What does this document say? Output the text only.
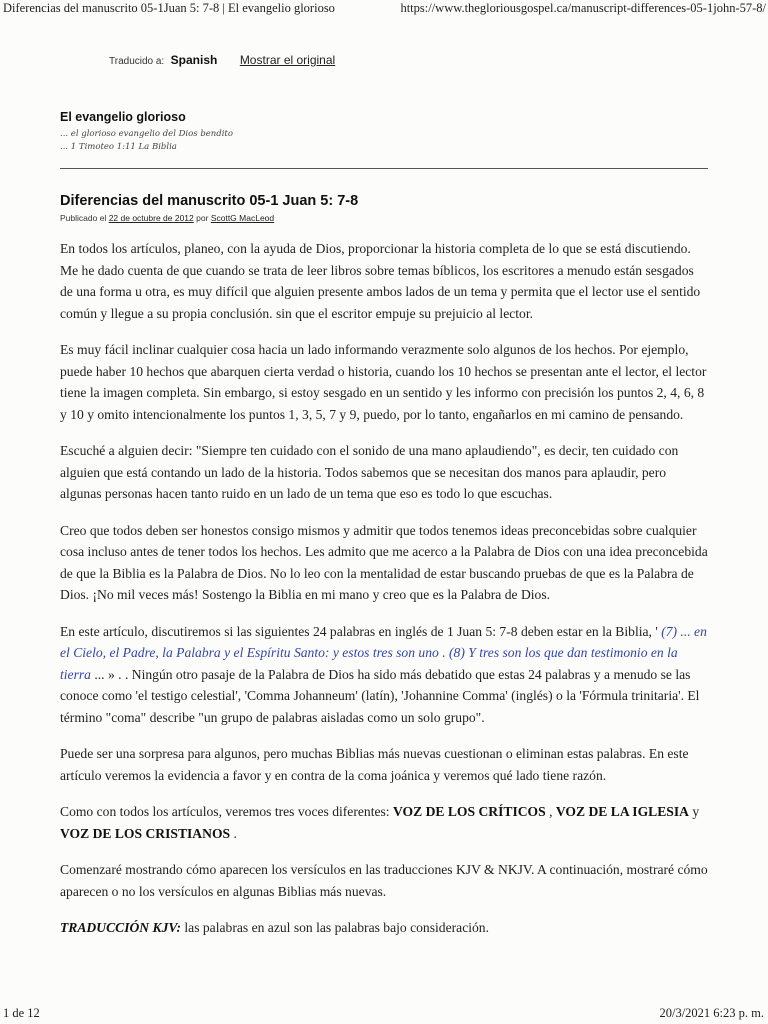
Diferencias del manuscrito 05-1Juan 5: 7-8 | El evangelio glorioso	https://www.thegloriousgospel.ca/manuscript-differences-05-1john-57-8/
Traducido a: Spanish Mostrar el original
El evangelio glorioso
... el glorioso evangelio del Dios bendito
... 1 Timoteo 1:11 La Biblia
Diferencias del manuscrito 05-1 Juan 5: 7-8
Publicado el 22 de octubre de 2012 por ScottG MacLeod

En todos los artículos, planeo, con la ayuda de Dios, proporcionar la historia completa de lo que se está discutiendo. Me he dado cuenta de que cuando se trata de leer libros sobre temas bíblicos, los escritores a menudo están sesgados de una forma u otra, es muy difícil que alguien presente ambos lados de un tema y permita que el lector use el sentido común y llegue a su propia conclusión. sin que el escritor empuje su prejuicio al lector.

Es muy fácil inclinar cualquier cosa hacia un lado informando verazmente solo algunos de los hechos. Por ejemplo, puede haber 10 hechos que abarquen cierta verdad o historia, cuando los 10 hechos se presentan ante el lector, el lector tiene la imagen completa. Sin embargo, si estoy sesgado en un sentido y les informo con precisión los puntos 2, 4, 6, 8 y 10 y omito intencionalmente los puntos 1, 3, 5, 7 y 9, puedo, por lo tanto, engañarlos en mi camino de pensando.

Escuché a alguien decir: "Siempre ten cuidado con el sonido de una mano aplaudiendo", es decir, ten cuidado con alguien que está contando un lado de la historia. Todos sabemos que se necesitan dos manos para aplaudir, pero algunas personas hacen tanto ruido en un lado de un tema que eso es todo lo que escuchas.

Creo que todos deben ser honestos consigo mismos y admitir que todos tenemos ideas preconcebidas sobre cualquier cosa incluso antes de tener todos los hechos. Les admito que me acerco a la Palabra de Dios con una idea preconcebida de que la Biblia es la Palabra de Dios. No lo leo con la mentalidad de estar buscando pruebas de que es la Palabra de Dios. ¡No mil veces más! Sostengo la Biblia en mi mano y creo que es la Palabra de Dios.

En este artículo, discutiremos si las siguientes 24 palabras en inglés de 1 Juan 5: 7-8 deben estar en la Biblia, ' (7) ... en el Cielo, el Padre, la Palabra y el Espíritu Santo: y estos tres son uno . (8) Y tres son los que dan testimonio en la tierra ... » . . Ningún otro pasaje de la Palabra de Dios ha sido más debatido que estas 24 palabras y a menudo se las conoce como 'el testigo celestial', 'Comma Johanneum' (latín), 'Johannine Comma' (inglés) o la 'Fórmula trinitaria'. El término "coma" describe "un grupo de palabras aisladas como un solo grupo".

Puede ser una sorpresa para algunos, pero muchas Biblias más nuevas cuestionan o eliminan estas palabras. En este artículo veremos la evidencia a favor y en contra de la coma joánica y veremos qué lado tiene razón.

Como con todos los artículos, veremos tres voces diferentes: VOZ DE LOS CRÍTICOS , VOZ DE LA IGLESIA y VOZ DE LOS CRISTIANOS .

Comenzaré mostrando cómo aparecen los versículos en las traducciones KJV & NKJV. A continuación, mostraré cómo aparecen o no los versículos en algunas Biblias más nuevas.

TRADUCCIÓN KJV: las palabras en azul son las palabras bajo consideración.

1 de 12	20/3/2021 6:23 p. m.
